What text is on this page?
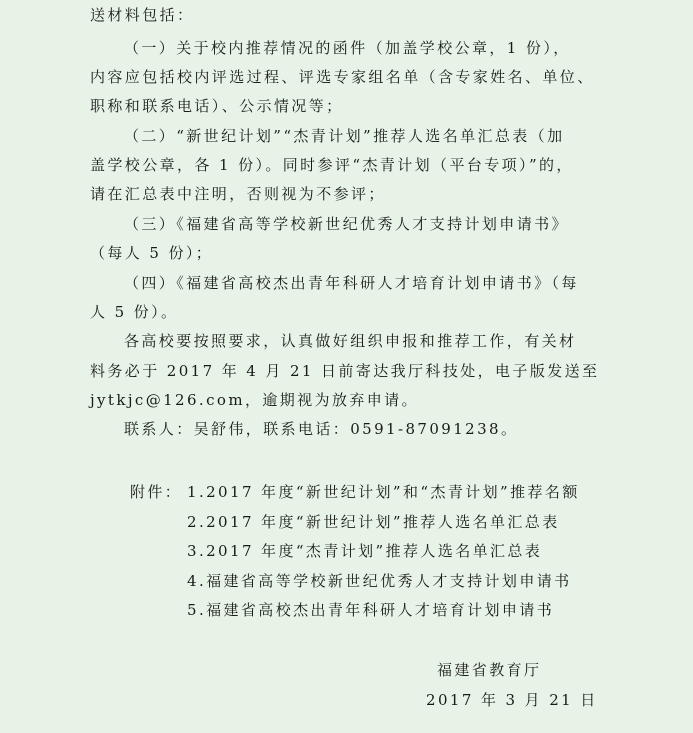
送材料包括：
（一）关于校内推荐情况的函件（加盖学校公章，1 份），
内容应包括校内评选过程、评选专家组名单（含专家姓名、单位、
职称和联系电话）、公示情况等；
（二）“新世纪计划”“杰青计划”推荐人选名单汇总表（加
盖学校公章，各 1 份）。同时参评“杰青计划（平台专项）”的，
请在汇总表中注明，否则视为不参评；
（三）《福建省高等学校新世纪优秀人才支持计划申请书》
（每人 5 份）；
（四）《福建省高校杰出青年科研人才培育计划申请书》（每
人 5 份）。
各高校要按照要求，认真做好组织申报和推荐工作，有关材
料务必于 2017 年 4 月 21 日前寄达我厅科技处，电子版发送至
jytkjc@126.com，逾期视为放弃申请。
联系人：吴舒伟，联系电话：0591-87091238。
附件： 1.2017 年度“新世纪计划”和“杰青计划”推荐名额
2.2017 年度“新世纪计划”推荐人选名单汇总表
3.2017 年度“杰青计划”推荐人选名单汇总表
4.福建省高等学校新世纪优秀人才支持计划申请书
5.福建省高校杰出青年科研人才培育计划申请书
福建省教育厅
2017 年 3 月 21 日
